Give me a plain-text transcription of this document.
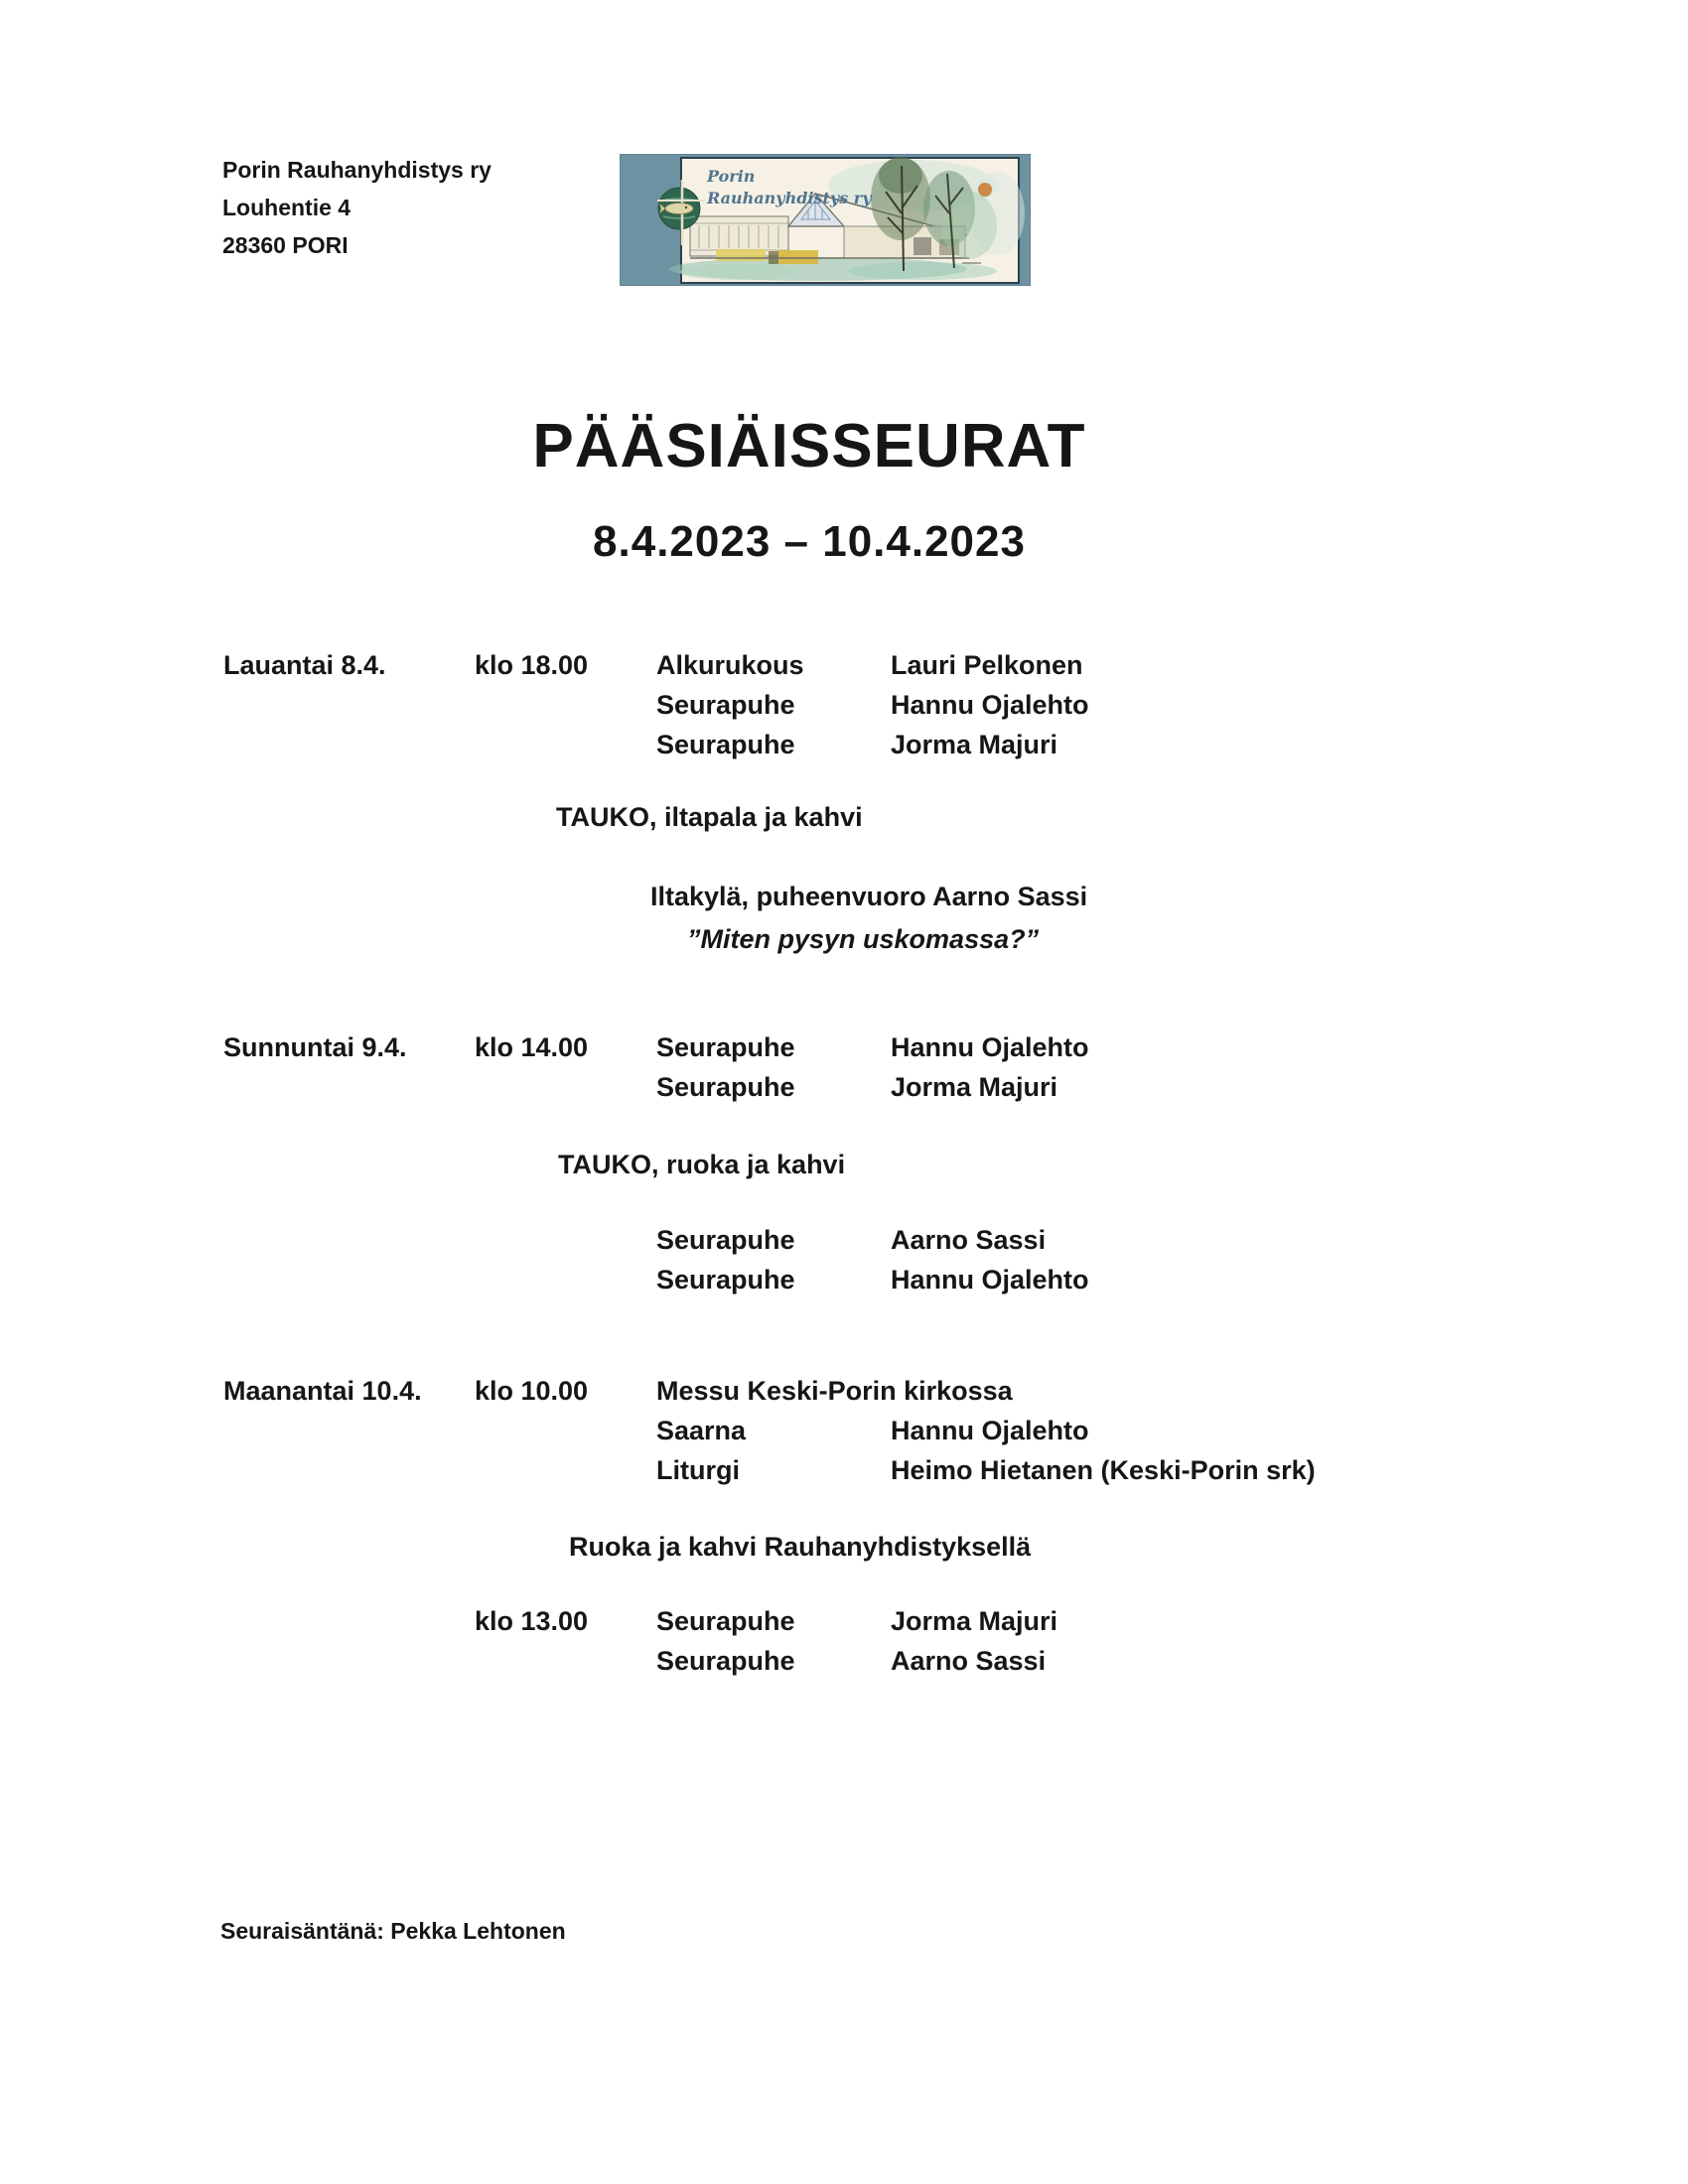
Porin Rauhanyhdistys ry
Louhentie 4
28360 PORI
Porin
Rauhanyhdistys ry
PÄÄSIÄISSEURAT
8.4.2023 – 10.4.2023
Lauantai 8.4.	klo 18.00	Alkurukous	Lauri Pelkonen
Seurapuhe	Hannu Ojalehto
Seurapuhe	Jorma Majuri
TAUKO, iltapala ja kahvi
Iltakylä, puheenvuoro Aarno Sassi
”Miten pysyn uskomassa?”
Sunnuntai 9.4.	klo 14.00	Seurapuhe	Hannu Ojalehto
Seurapuhe	Jorma Majuri
TAUKO, ruoka ja kahvi
Seurapuhe	Aarno Sassi
Seurapuhe	Hannu Ojalehto
Maanantai 10.4. klo 10.00	Messu Keski-Porin kirkossa
Saarna	Hannu Ojalehto
Liturgi	Heimo Hietanen (Keski-Porin srk)
Ruoka ja kahvi Rauhanyhdistyksellä
klo 13.00	Seurapuhe	Jorma Majuri
Seurapuhe	Aarno Sassi
Seuraisäntänä: Pekka Lehtonen
